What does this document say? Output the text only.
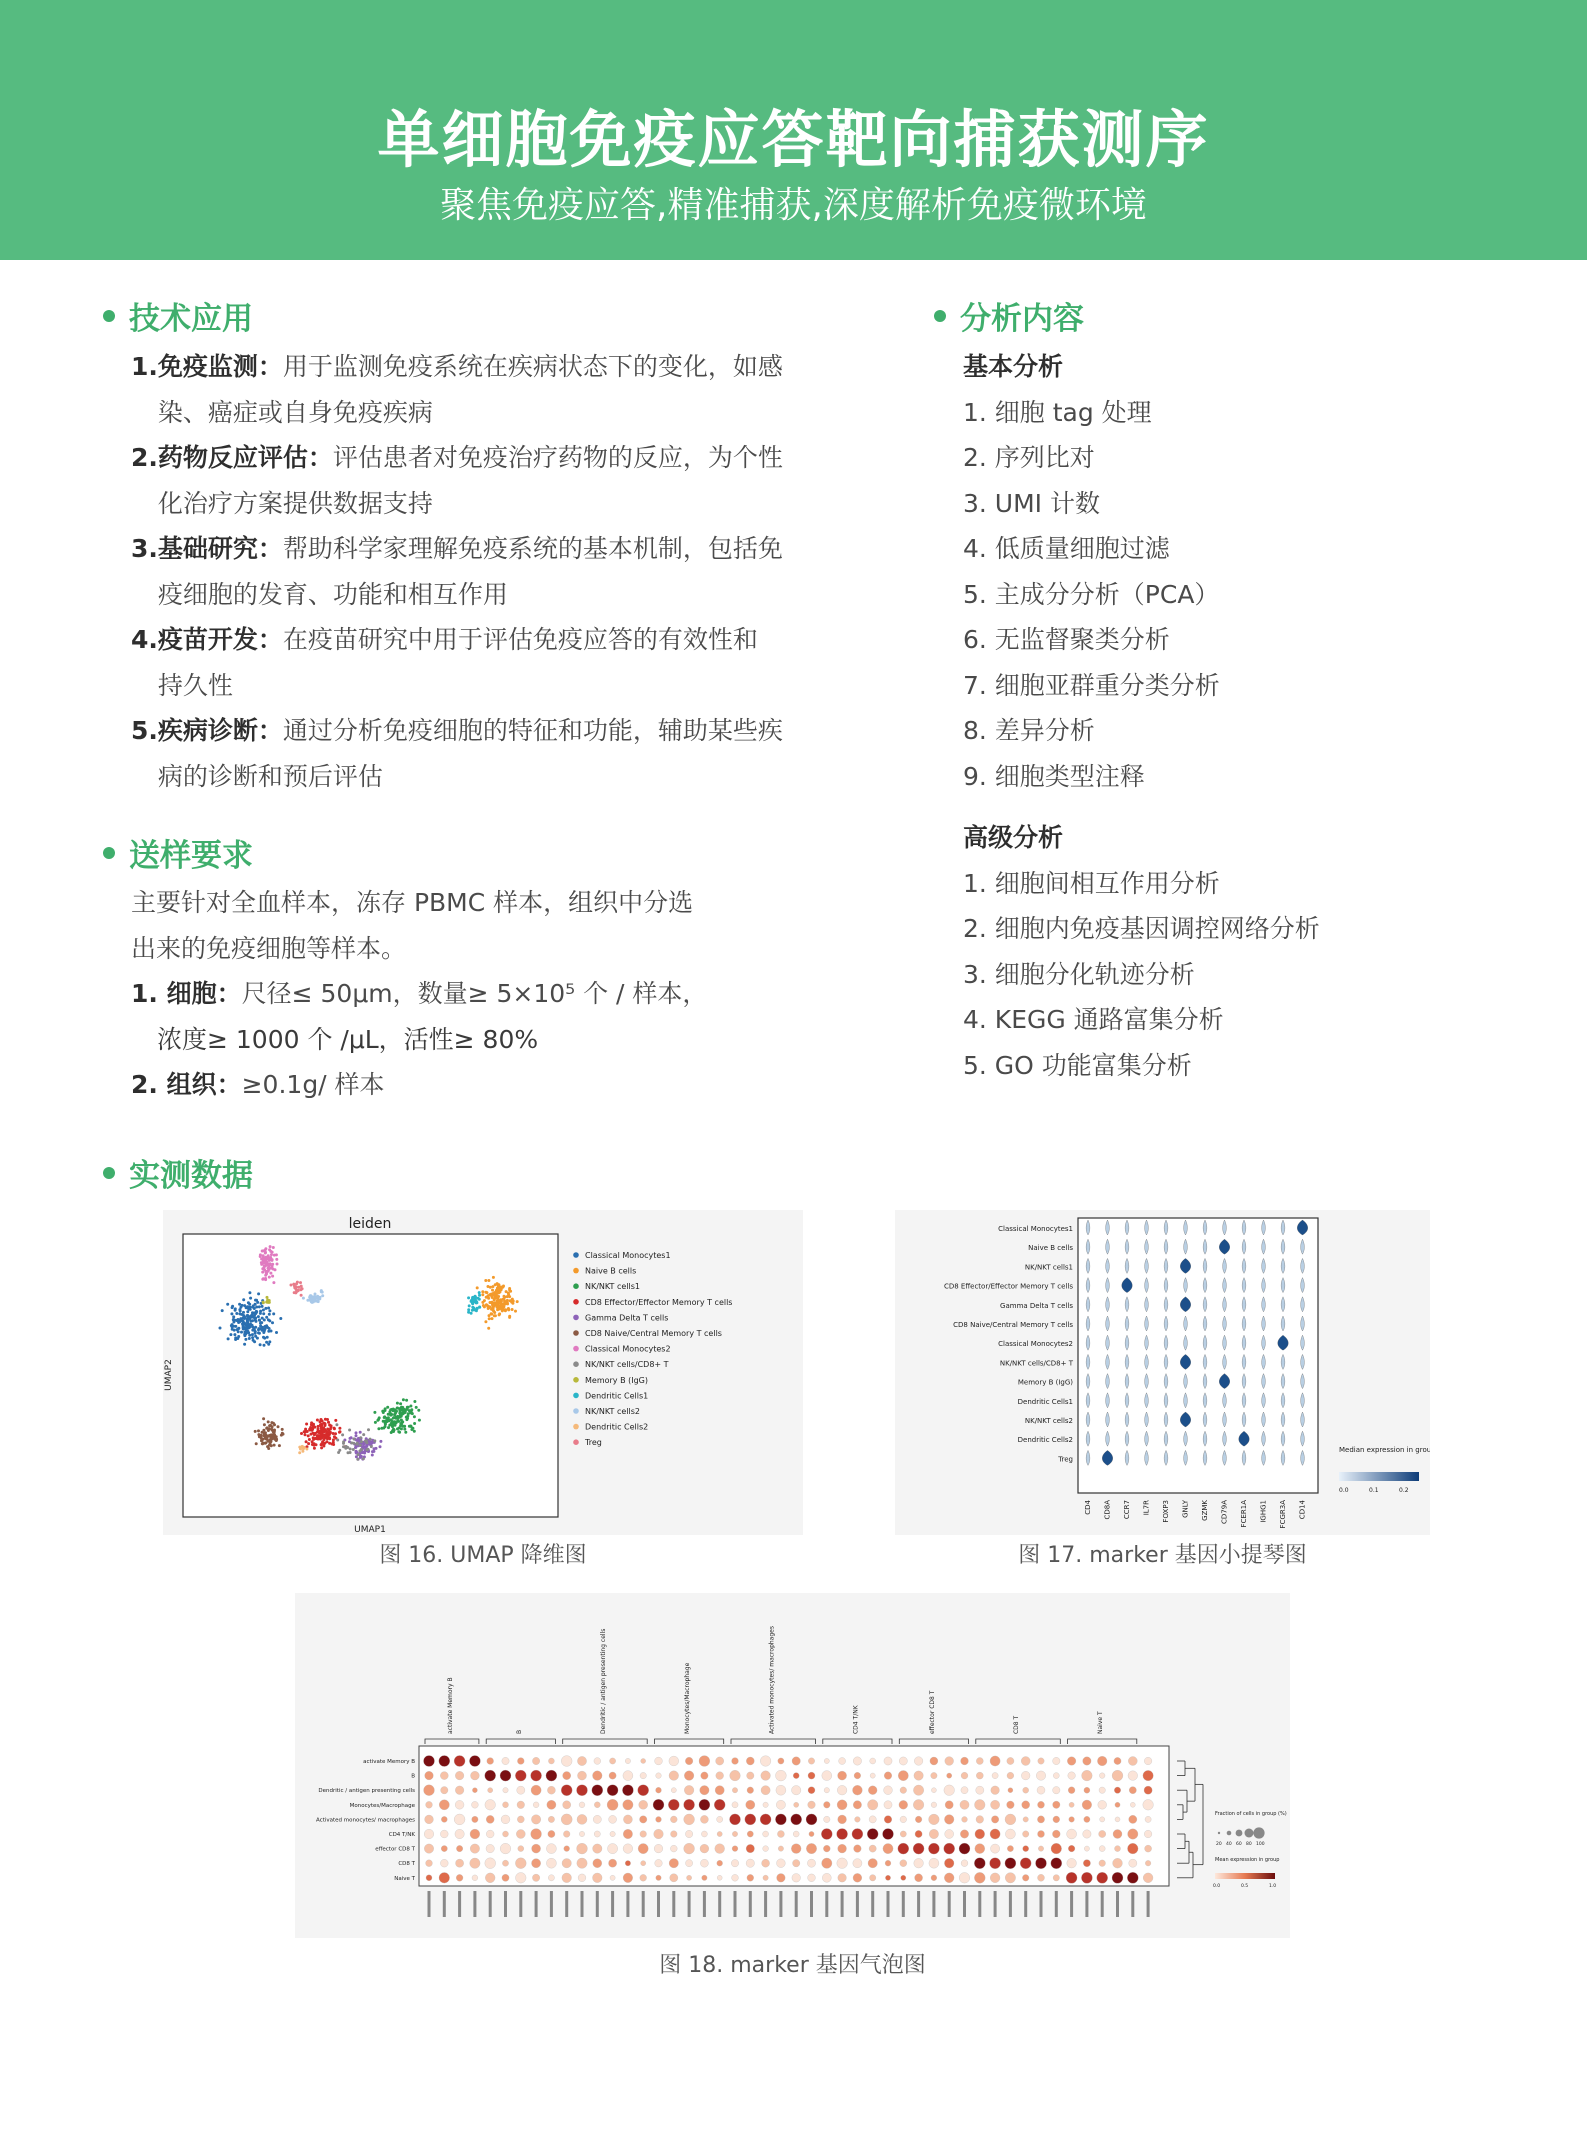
单细胞免疫应答靶向捕获测序
聚焦免疫应答,精准捕获,深度解析免疫微环境
技术应用
1. 免疫监测：用于监测免疫系统在疾病状态下的变化，如感
染、癌症或自身免疫疾病
2. 药物反应评估：评估患者对免疫治疗药物的反应，为个性
化治疗方案提供数据支持
3. 基础研究：帮助科学家理解免疫系统的基本机制，包括免
疫细胞的发育、功能和相互作用
4. 疫苗开发：在疫苗研究中用于评估免疫应答的有效性和
持久性
5. 疾病诊断：通过分析免疫细胞的特征和功能，辅助某些疾
病的诊断和预后评估
送样要求
主要针对全血样本，冻存 PBMC 样本，组织中分选
出来的免疫细胞等样本。
1. 细胞： 尺径≤ 50μm，数量≥ 5×10⁵ 个 / 样本，
浓度≥ 1000 个 /μL，活性≥ 80%
2. 组织： ≥0.1g/ 样本
分析内容
基本分析
1. 细胞 tag 处理
2. 序列比对
3. UMI 计数
4. 低质量细胞过滤
5. 主成分分析（PCA）
6. 无监督聚类分析
7. 细胞亚群重分类分析
8. 差异分析
9. 细胞类型注释
高级分析
1. 细胞间相互作用分析
2. 细胞内免疫基因调控网络分析
3. 细胞分化轨迹分析
4. KEGG 通路富集分析
5. GO 功能富集分析
实测数据
leiden
UMAP1
UMAP2
Classical Monocytes1
Naive B cells
NK/NKT cells1
CD8 Effector/Effector Memory T cells
Gamma Delta T cells
CD8 Naive/Central Memory T cells
Classical Monocytes2
NK/NKT cells/CD8+ T
Memory B (IgG)
Dendritic Cells1
NK/NKT cells2
Dendritic Cells2
Treg
图 16. UMAP 降维图
Classical Monocytes1
Naive B cells
NK/NKT cells1
CD8 Effector/Effector Memory T cells
Gamma Delta T cells
CD8 Naive/Central Memory T cells
Classical Monocytes2
NK/NKT cells/CD8+ T
Memory B (IgG)
Dendritic Cells1
NK/NKT cells2
Dendritic Cells2
Treg
CD4 CD8A CCR7 IL7R FOXP3 GNLY GZMK CD79A FCER1A IGHG1 FCGR3A CD14
Median expression in group
0.0	0.1	0.2
图 17. marker 基因小提琴图
activate Memory B	B	Dendritic / antigen presenting cells	Monocytes/Macrophage	Activated monocytes/ macrophages	CD4 T/NK	effector CD8 T	CD8 T	Naive T
activate Memory B
B
Dendritic / antigen presenting cells
Monocytes/Macrophage
Activated monocytes/ macrophages
CD4 T/NK
effector CD8 T
CD8 T
Naive T
Fraction of cells in group (%)
20 40 60 80 100
Mean expression in group
0.0	0.5	1.0
图 18. marker 基因气泡图
